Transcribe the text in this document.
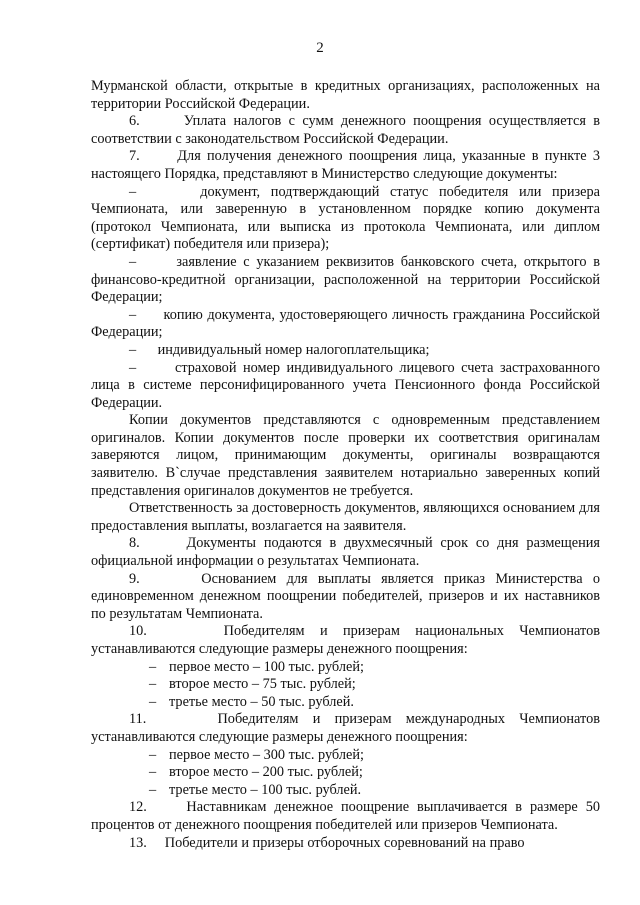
2

Мурманской области, открытые в кредитных организациях, расположенных на территории Российской Федерации.

6.      Уплата налогов с сумм денежного поощрения осуществляется в соответствии с законодательством Российской Федерации.

7.      Для получения денежного поощрения лица, указанные в пункте 3 настоящего Порядка, представляют в Министерство следующие документы:

–      документ, подтверждающий статус победителя или призера Чемпионата, или заверенную в установленном порядке копию документа (протокол Чемпионата, или выписка из протокола Чемпионата, или диплом (сертификат) победителя или призера);

–      заявление с указанием реквизитов банковского счета, открытого в финансово-кредитной организации, расположенной на территории Российской Федерации;

–      копию документа, удостоверяющего личность гражданина Российской Федерации;

–      индивидуальный номер налогоплательщика;

–      страховой номер индивидуального лицевого счета застрахованного лица в системе персонифицированного учета Пенсионного фонда Российской Федерации.

Копии документов представляются с одновременным представлением оригиналов. Копии документов после проверки их соответствия оригиналам заверяются лицом, принимающим документы, оригиналы возвращаются заявителю. В`случае представления заявителем нотариально заверенных копий представления оригиналов документов не требуется.

Ответственность за достоверность документов, являющихся основанием для предоставления выплаты, возлагается на заявителя.

8.      Документы подаются в двухмесячный срок со дня размещения официальной информации о результатах Чемпионата.

9.      Основанием для выплаты является приказ Министерства о единовременном денежном поощрении победителей, призеров и их наставников по результатам Чемпионата.

10.     Победителям и призерам национальных Чемпионатов устанавливаются следующие размеры денежного поощрения:

– первое место – 100 тыс. рублей;

– второе место – 75 тыс. рублей;

– третье место – 50 тыс. рублей.

11.     Победителям и призерам международных Чемпионатов устанавливаются следующие размеры денежного поощрения:

– первое место – 300 тыс. рублей;

– второе место – 200 тыс. рублей;

– третье место – 100 тыс. рублей.

12.     Наставникам денежное поощрение выплачивается в размере 50 процентов от денежного поощрения победителей или призеров Чемпионата.

13.     Победители и призеры отборочных соревнований на право
